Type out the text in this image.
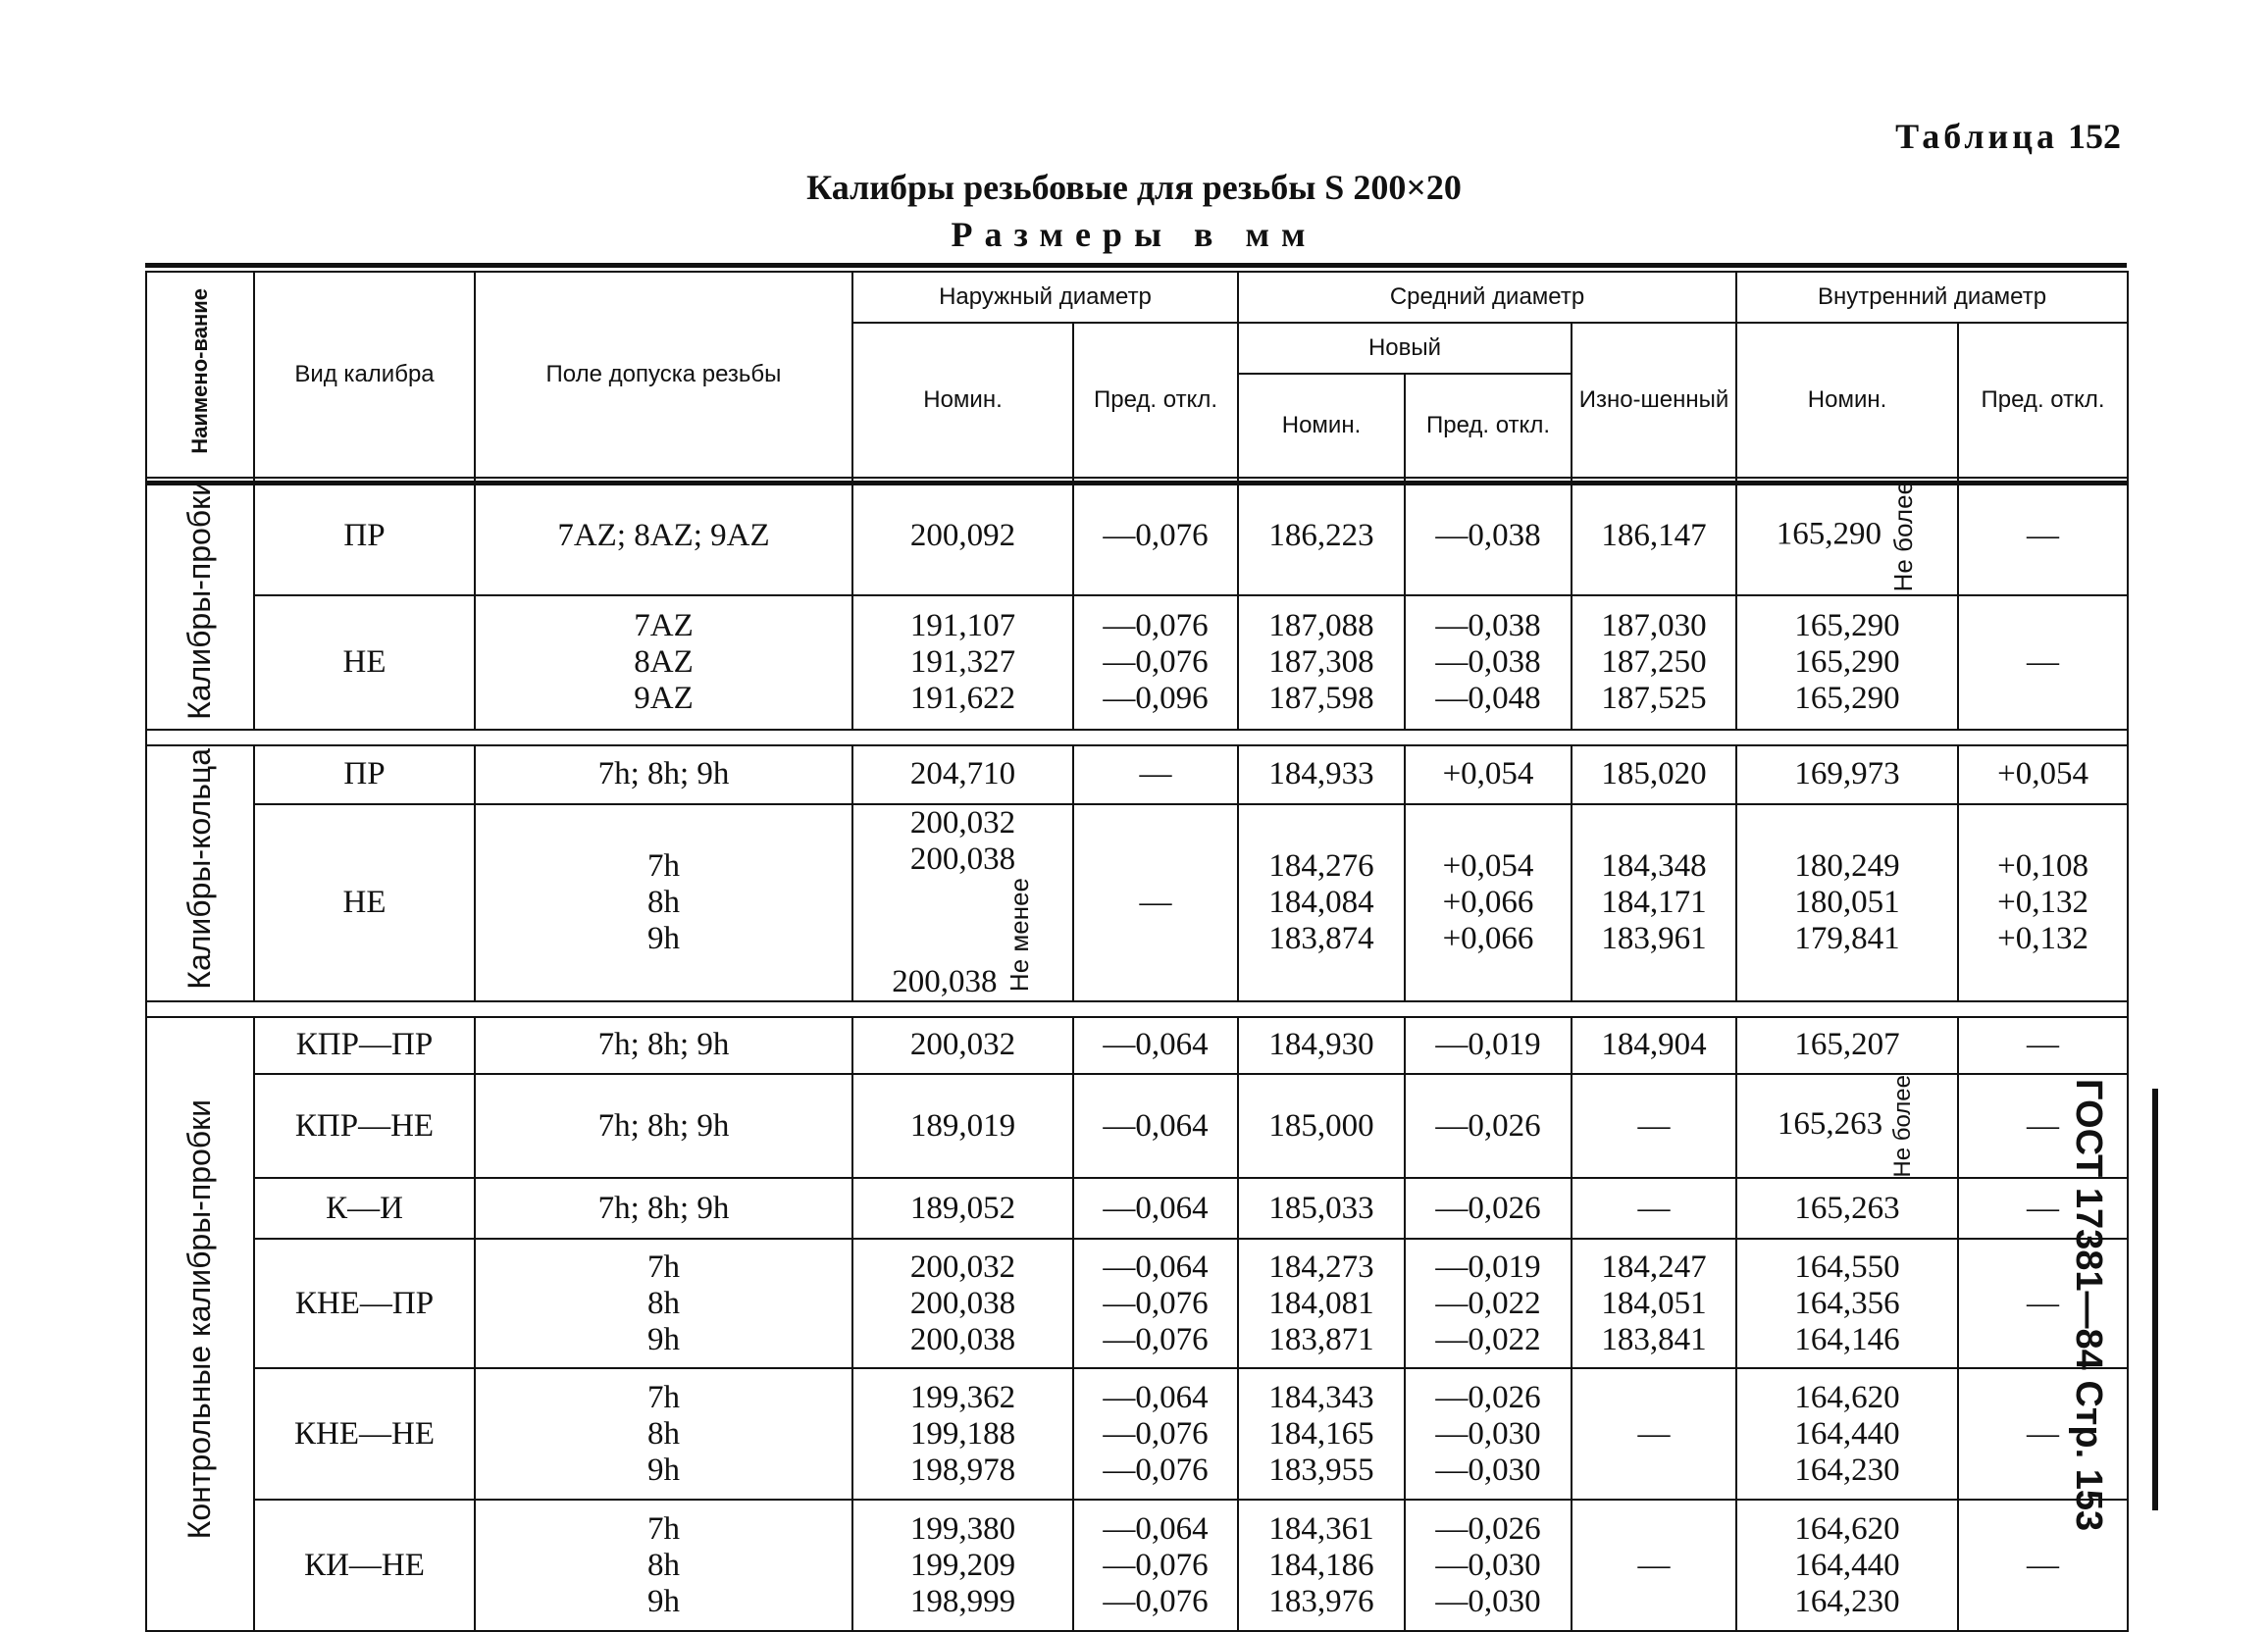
Таблица 152
Калибры резьбовые для резьбы S 200×20
Размеры в мм
ГОСТ 17381—84 Стр. 153
Наимено-вание	Вид калибра	Поле допуска резьбы	Наружный диаметр		Средний диаметр			Внутренний диаметр	
			Номин.	Пред. откл.	Новый		Изно-шенный	Номин.	Пред. откл.
					Номин.	Пред. откл.			
Калибры-пробки	ПР	7AZ; 8AZ; 9AZ	200,092	—0,076	186,223	—0,038	186,147	165,290 Не более	—
	НЕ	7AZ
8AZ
9AZ	191,107
191,327
191,622	—0,076
—0,076
—0,096	187,088
187,308
187,598	—0,038
—0,038
—0,048	187,030
187,250
187,525	165,290
165,290
165,290	—

Калибры-кольца	ПР	7h; 8h; 9h	204,710	—	184,933	+0,054	185,020	169,973	+0,054
	НЕ	7h
8h
9h	200,032
200,038
200,038 Не менее	—	184,276
184,084
183,874	+0,054
+0,066
+0,066	184,348
184,171
183,961	180,249
180,051
179,841	+0,108
+0,132
+0,132

Контрольные калибры-пробки	КПР—ПР	7h; 8h; 9h	200,032	—0,064	184,930	—0,019	184,904	165,207	—
	КПР—НЕ	7h; 8h; 9h	189,019	—0,064	185,000	—0,026	—	165,263 Не более	—
	К—И	7h; 8h; 9h	189,052	—0,064	185,033	—0,026	—	165,263	—
	КНЕ—ПР	7h
8h
9h	200,032
200,038
200,038	—0,064
—0,076
—0,076	184,273
184,081
183,871	—0,019
—0,022
—0,022	184,247
184,051
183,841	164,550
164,356
164,146	—
	КНЕ—НЕ	7h
8h
9h	199,362
199,188
198,978	—0,064
—0,076
—0,076	184,343
184,165
183,955	—0,026
—0,030
—0,030	—	164,620
164,440
164,230	—
	КИ—НЕ	7h
8h
9h	199,380
199,209
198,999	—0,064
—0,076
—0,076	184,361
184,186
183,976	—0,026
—0,030
—0,030	—	164,620
164,440
164,230	—
